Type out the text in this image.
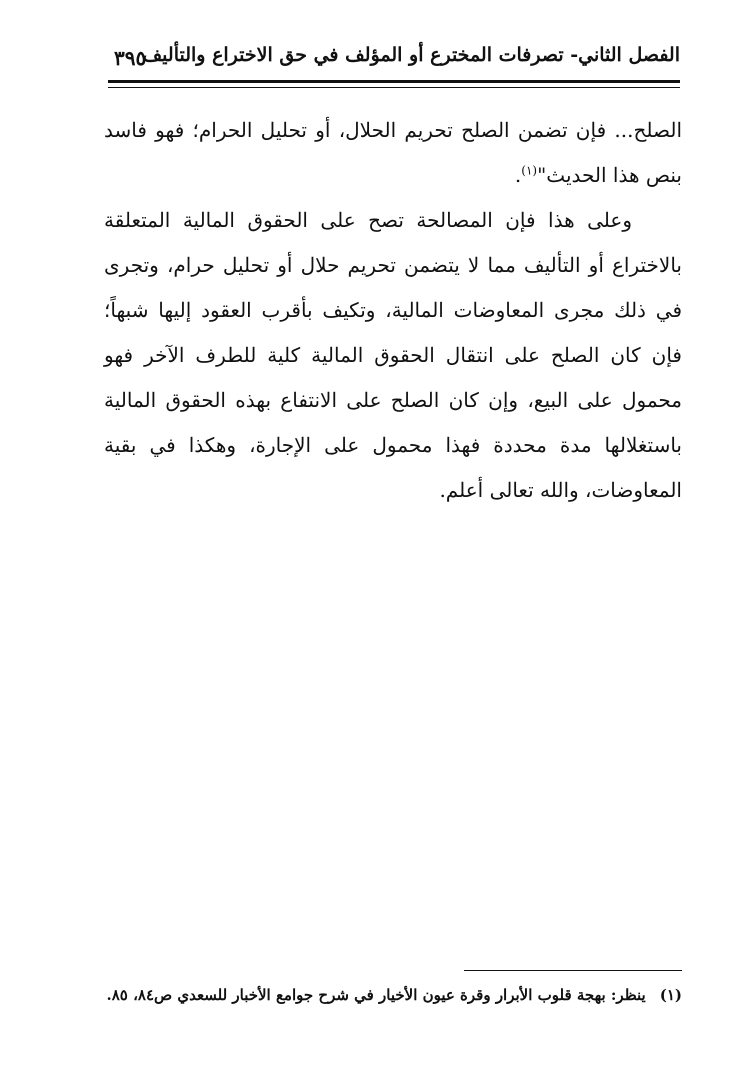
الفصل الثاني- تصرفات المخترع أو المؤلف في حق الاختراع والتأليف
٣٩٥

الصلح... فإن تضمن الصلح تحريم الحلال، أو تحليل الحرام؛ فهو فاسد بنص هذا الحديث"$^{(١)}$.

وعلى هذا فإن المصالحة تصح على الحقوق المالية المتعلقة بالاختراع أو التأليف مما لا يتضمن تحريم حلال أو تحليل حرام، وتجرى في ذلك مجرى المعاوضات المالية، وتكيف بأقرب العقود إليها شبهاً؛ فإن كان الصلح على انتقال الحقوق المالية كلية للطرف الآخر فهو محمول على البيع، وإن كان الصلح على الانتفاع بهذه الحقوق المالية باستغلالها مدة محددة فهذا محمول على الإجارة، وهكذا في بقية المعاوضات، والله تعالى أعلم.

(١)ينظر: بهجة قلوب الأبرار وقرة عيون الأخيار في شرح جوامع الأخبار للسعدي ص٨٤، ٨٥.
